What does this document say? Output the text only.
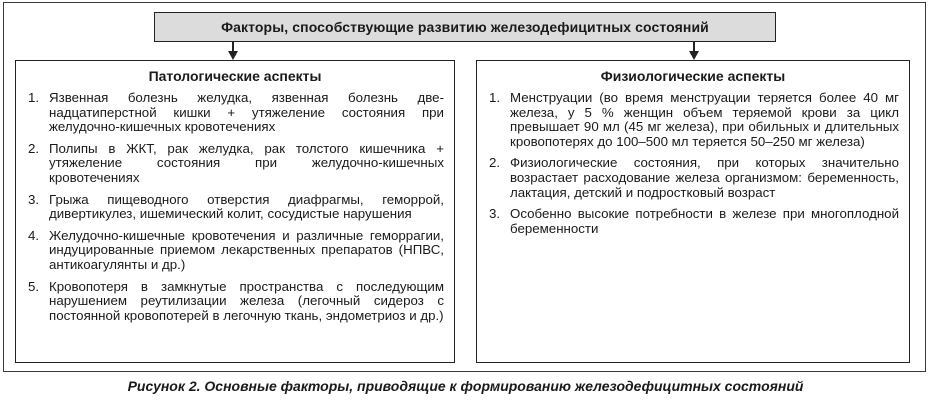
Факторы, способствующие развитию железодефицитных состояний
Патологические аспекты
1. Язвенная болезнь желудка, язвенная болезнь двенадцатиперстной кишки + утяжеление состояния при желудочно-кишечных кровотечениях
2. Полипы в ЖКТ, рак желудка, рак толстого кишечника + утяжеление состояния при желудочно-кишечных кровотечениях
3. Грыжа пищеводного отверстия диафрагмы, геморрой, дивертикулез, ишемический колит, сосудистые нарушения
4. Желудочно-кишечные кровотечения и различные геморрагии, индуцированные приемом лекарственных препаратов (НПВС, антикоагулянты и др.)
5. Кровопотеря в замкнутые пространства с последующим нарушением реутилизации железа (легочный сидероз с постоянной кровопотерей в легочную ткань, эндометриоз и др.)
Физиологические аспекты
1. Менструации (во время менструации теряется более 40 мг железа, у 5 % женщин объем теряемой крови за цикл превышает 90 мл (45 мг железа), при обильных и длительных кровопотерях до 100–500 мл теряется 50–250 мг железа)
2. Физиологические состояния, при которых значительно возрастает расходование железа организмом: беременность, лактация, детский и подростковый возраст
3. Особенно высокие потребности в железе при многоплодной беременности
Рисунок 2. Основные факторы, приводящие к формированию железодефицитных состояний
